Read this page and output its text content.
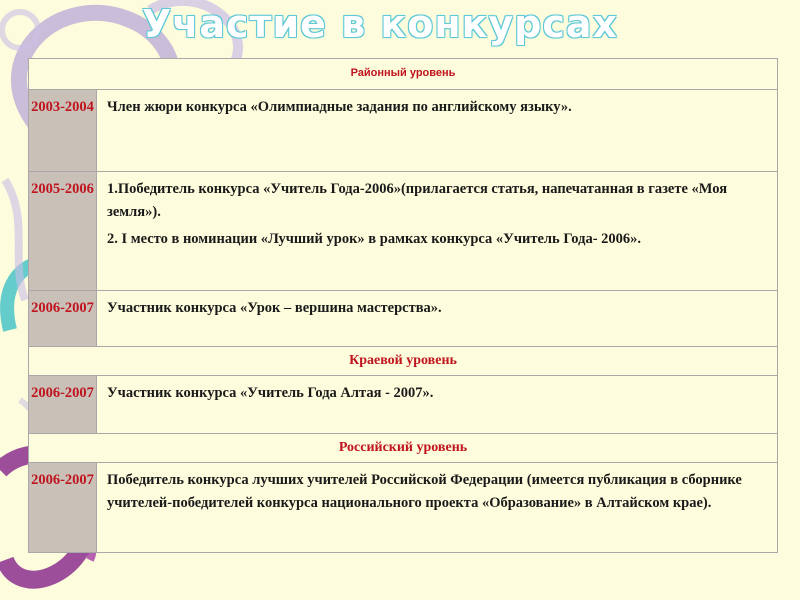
Участие в конкурсах
Районный уровень	
2003-2004	Член жюри конкурса «Олимпиадные задания по английскому языку».

2005-2006	1.Победитель конкурса «Учитель Года-2006»(прилагается статья, напечатанная в газете «Моя земля»).

2. I место в номинации «Лучший урок» в рамках конкурса «Учитель Года- 2006».

2006-2007	Участник конкурса «Урок – вершина мастерства».

Краевой уровень	
2006-2007	Участник конкурса «Учитель Года Алтая - 2007».

Российский уровень	
2006-2007	Победитель конкурса лучших учителей Российской Федерации (имеется публикация в сборнике учителей-победителей конкурса национального проекта «Образование» в Алтайском крае).
